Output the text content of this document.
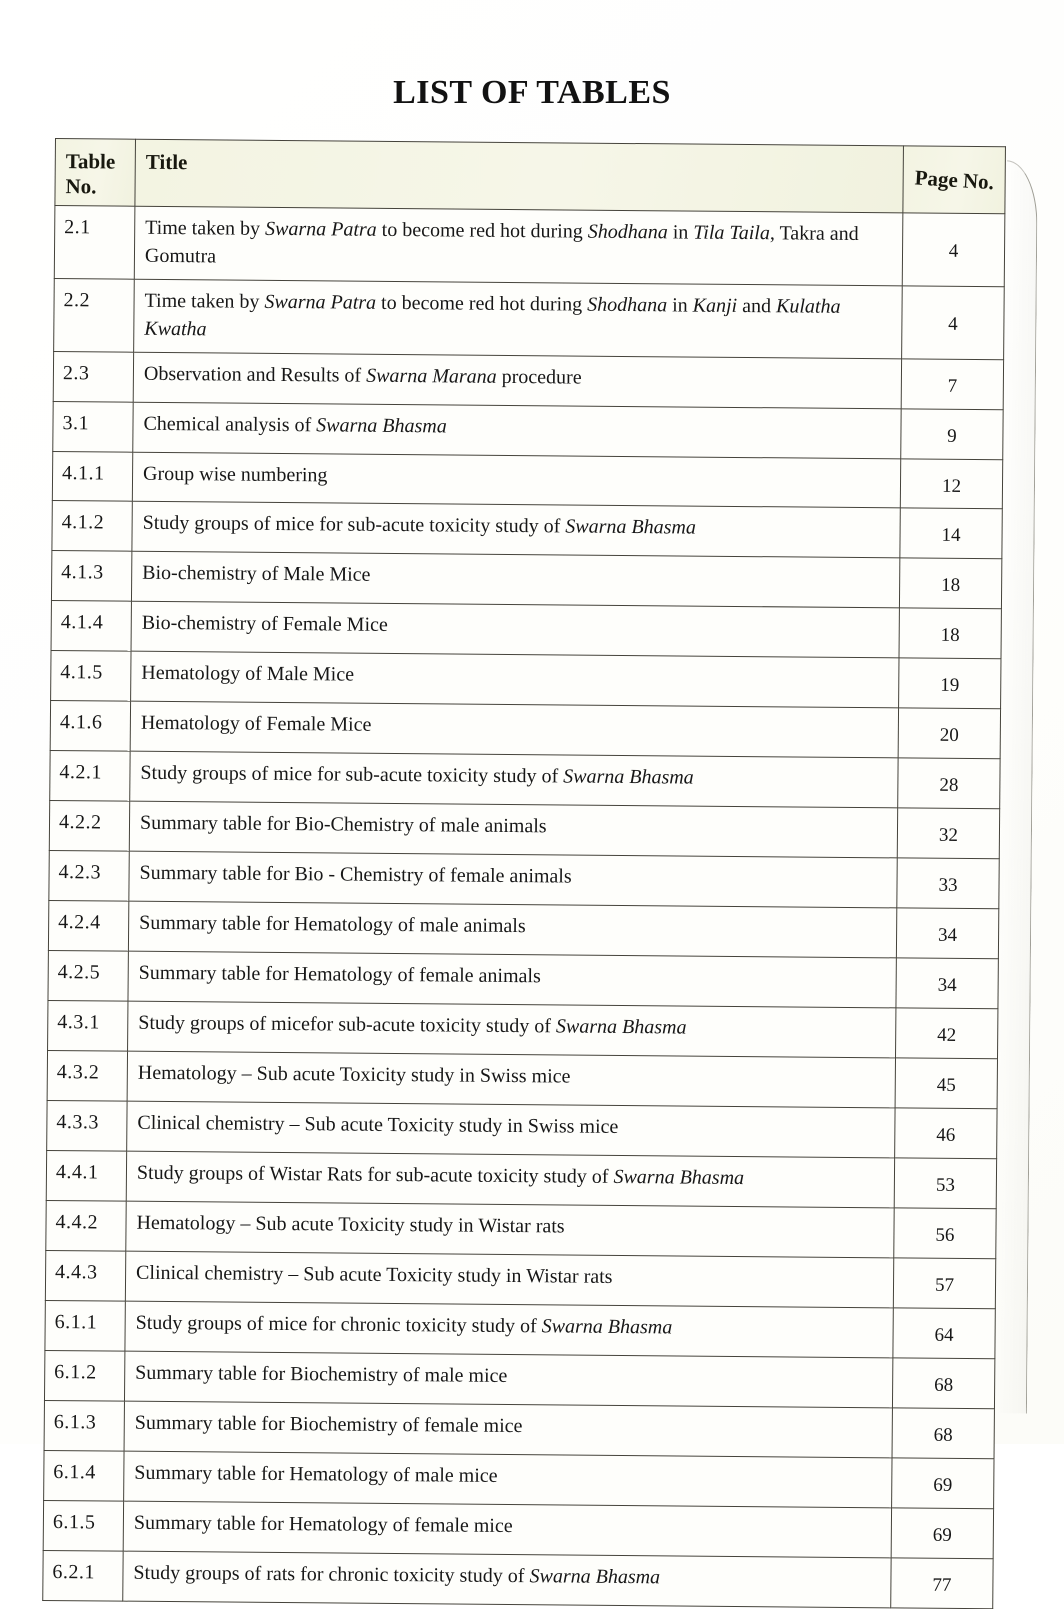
LIST OF TABLES
Table No.	Title	Page No.
2.1	Time taken by Swarna Patra to become red hot during Shodhana in Tila Taila, Takra and Gomutra	4
2.2	Time taken by Swarna Patra to become red hot during Shodhana in Kanji and Kulatha Kwatha	4
2.3	Observation and Results of Swarna Marana procedure	7
3.1	Chemical analysis of Swarna Bhasma	9
4.1.1	Group wise numbering	12
4.1.2	Study groups of mice for sub-acute toxicity study of Swarna Bhasma	14
4.1.3	Bio-chemistry of Male Mice	18
4.1.4	Bio-chemistry of Female Mice	18
4.1.5	Hematology of Male Mice	19
4.1.6	Hematology of Female Mice	20
4.2.1	Study groups of mice for sub-acute toxicity study of Swarna Bhasma	28
4.2.2	Summary table for Bio-Chemistry of male animals	32
4.2.3	Summary table for Bio - Chemistry of female animals	33
4.2.4	Summary table for Hematology of male animals	34
4.2.5	Summary table for Hematology of female animals	34
4.3.1	Study groups of micefor sub-acute toxicity study of Swarna Bhasma	42
4.3.2	Hematology – Sub acute Toxicity study in Swiss mice	45
4.3.3	Clinical chemistry – Sub acute Toxicity study in Swiss mice	46
4.4.1	Study groups of Wistar Rats for sub-acute toxicity study of Swarna Bhasma	53
4.4.2	Hematology – Sub acute Toxicity study in Wistar rats	56
4.4.3	Clinical chemistry – Sub acute Toxicity study in Wistar rats	57
6.1.1	Study groups of mice for chronic toxicity study of Swarna Bhasma	64
6.1.2	Summary table for Biochemistry of male mice	68
6.1.3	Summary table for Biochemistry of female mice	68
6.1.4	Summary table for Hematology of male mice	69
6.1.5	Summary table for Hematology of female mice	69
6.2.1	Study groups of rats for chronic toxicity study of Swarna Bhasma	77
